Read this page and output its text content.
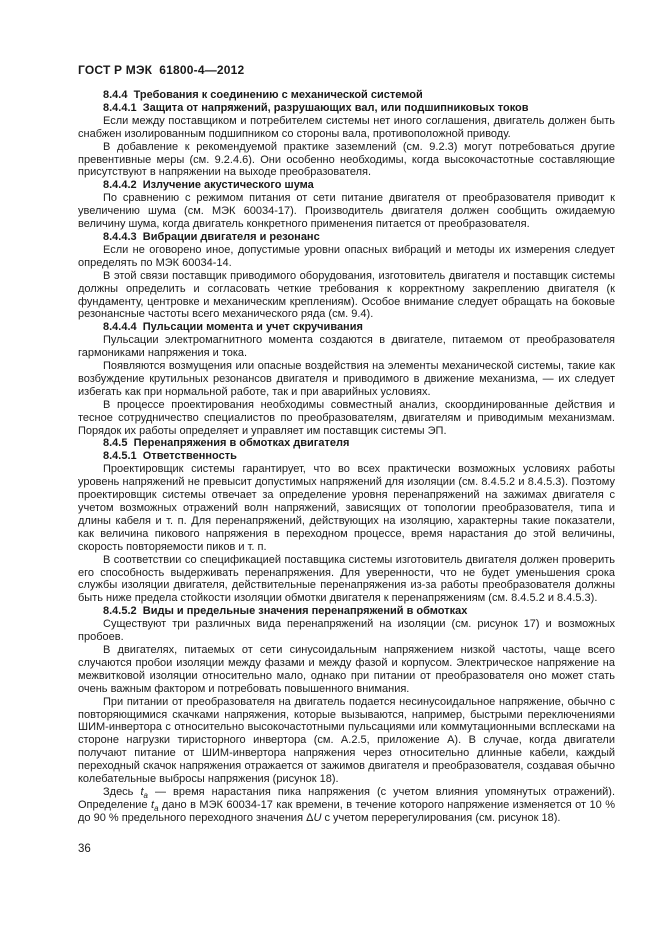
ГОСТ Р МЭК  61800-4—2012

8.4.4  Требования к соединению с механической системой

8.4.4.1  Защита от напряжений, разрушающих вал, или подшипниковых токов

Если между поставщиком и потребителем системы нет иного соглашения, двигатель должен быть снабжен изолированным подшипником со стороны вала, противоположной приводу.

В добавление к рекомендуемой практике заземлений (см. 9.2.3) могут потребоваться другие превентивные меры (см. 9.2.4.6). Они особенно необходимы, когда высокочастотные составляющие присутствуют в напряжении на выходе преобразователя.

8.4.4.2  Излучение акустического шума

По сравнению с режимом питания от сети питание двигателя от преобразователя приводит к увеличению шума (см. МЭК 60034-17). Производитель двигателя должен сообщить ожидаемую величину шума, когда двигатель конкретного применения питается от преобразователя.

8.4.4.3  Вибрации двигателя и резонанс

Если не оговорено иное, допустимые уровни опасных вибраций и методы их измерения следует определять по МЭК 60034-14.

В этой связи поставщик приводимого оборудования, изготовитель двигателя и поставщик системы должны определить и согласовать четкие требования к корректному закреплению двигателя (к фундаменту, центровке и механическим креплениям). Особое внимание следует обращать на боковые резонансные частоты всего механического ряда (см. 9.4).

8.4.4.4  Пульсации момента и учет скручивания

Пульсации электромагнитного момента создаются в двигателе, питаемом от преобразователя гармониками напряжения и тока.

Появляются возмущения или опасные воздействия на элементы механической системы, такие как возбуждение крутильных резонансов двигателя и приводимого в движение механизма, — их следует избегать как при нормальной работе, так и при аварийных условиях.

В процессе проектирования необходимы совместный анализ, скоординированные действия и тесное сотрудничество специалистов по преобразователям, двигателям и приводимым механизмам. Порядок их работы определяет и управляет им поставщик системы ЭП.

8.4.5  Перенапряжения в обмотках двигателя

8.4.5.1  Ответственность

Проектировщик системы гарантирует, что во всех практически возможных условиях работы уровень напряжений не превысит допустимых напряжений для изоляции (см. 8.4.5.2 и 8.4.5.3). Поэтому проектировщик системы отвечает за определение уровня перенапряжений на зажимах двигателя с учетом возможных отражений волн напряжений, зависящих от топологии преобразователя, типа и длины кабеля и т. п. Для перенапряжений, действующих на изоляцию, характерны такие показатели, как величина пикового напряжения в переходном процессе, время нарастания до этой величины, скорость повторяемости пиков и т. п.

В соответствии со спецификацией поставщика системы изготовитель двигателя должен проверить его способность выдерживать перенапряжения. Для уверенности, что не будет уменьшения срока службы изоляции двигателя, действительные перенапряжения из-за работы преобразователя должны быть ниже предела стойкости изоляции обмотки двигателя к перенапряжениям (см. 8.4.5.2 и 8.4.5.3).

8.4.5.2  Виды и предельные значения перенапряжений в обмотках

Существуют три различных вида перенапряжений на изоляции (см. рисунок 17) и возможных пробоев.

В двигателях, питаемых от сети синусоидальным напряжением низкой частоты, чаще всего случаются пробои изоляции между фазами и между фазой и корпусом. Электрическое напряжение на межвитковой изоляции относительно мало, однако при питании от преобразователя оно может стать очень важным фактором и потребовать повышенного внимания.

При питании от преобразователя на двигатель подается несинусоидальное напряжение, обычно с повторяющимися скачками напряжения, которые вызываются, например, быстрыми переключениями ШИМ-инвертора с относительно высокочастотными пульсациями или коммутационными всплесками на стороне нагрузки тиристорного инвертора (см. А.2.5, приложение А). В случае, когда двигатели получают питание от ШИМ-инвертора напряжения через относительно длинные кабели, каждый переходный скачок напряжения отражается от зажимов двигателя и преобразователя, создавая обычно колебательные выбросы напряжения (рисунок 18).

Здесь $t_а$ — время нарастания пика напряжения (с учетом влияния упомянутых отражений). Определение $t_а$ дано в МЭК 60034-17 как времени, в течение которого напряжение изменяется от 10 % до 90 % предельного переходного значения ΔU с учетом перерегулирования (см. рисунок 18).

36
